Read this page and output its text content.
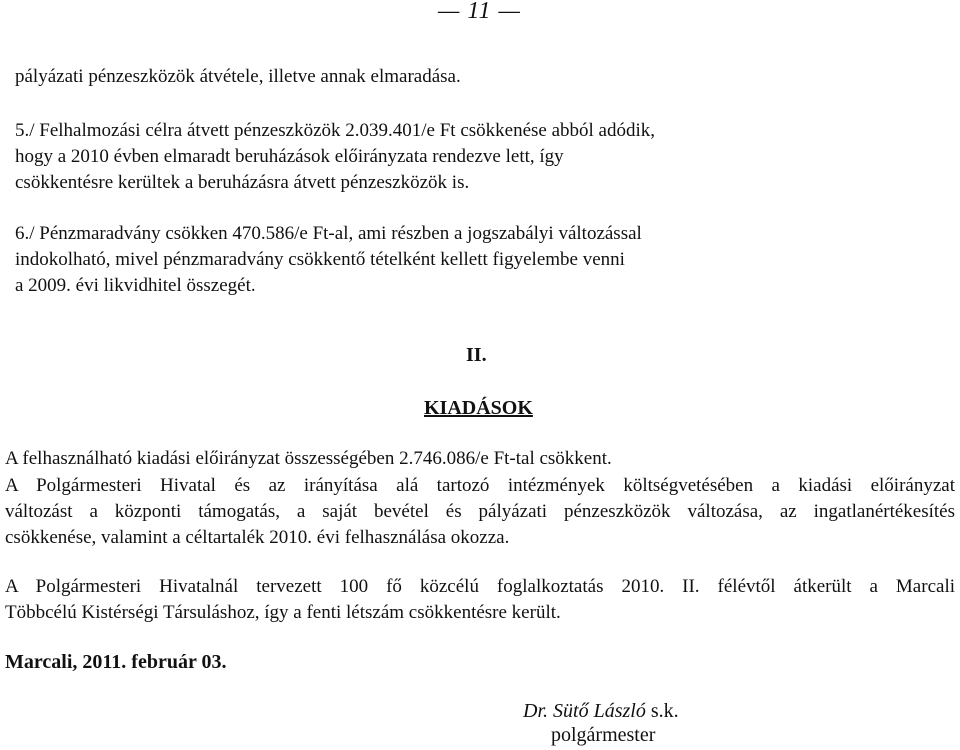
— 11 —
pályázati pénzeszközök átvétele, illetve annak elmaradása.
5./ Felhalmozási célra átvett pénzeszközök 2.039.401/e Ft csökkenése abból adódik,
hogy a 2010 évben elmaradt beruházások előirányzata rendezve lett, így
csökkentésre kerültek a beruházásra átvett pénzeszközök is.
6./ Pénzmaradvány csökken 470.586/e Ft-al, ami részben a jogszabályi változással
indokolható, mivel pénzmaradvány csökkentő tételként kellett figyelembe venni
a 2009. évi likvidhitel összegét.
II.
KIADÁSOK
A felhasználható kiadási előirányzat összességében 2.746.086/e Ft-tal csökkent.
A Polgármesteri Hivatal és az irányítása alá tartozó intézmények költségvetésében a kiadási előirányzat
változást a központi támogatás, a saját bevétel és pályázati pénzeszközök változása, az ingatlanértékesítés
csökkenése, valamint a céltartalék 2010. évi felhasználása okozza.
A Polgármesteri Hivatalnál tervezett 100 fő közcélú foglalkoztatás 2010. II. félévtől átkerült a Marcali
Többcélú Kistérségi Társuláshoz, így a fenti létszám csökkentésre került.
Marcali, 2011. február 03.
Dr. Sütő László s.k.
polgármester
